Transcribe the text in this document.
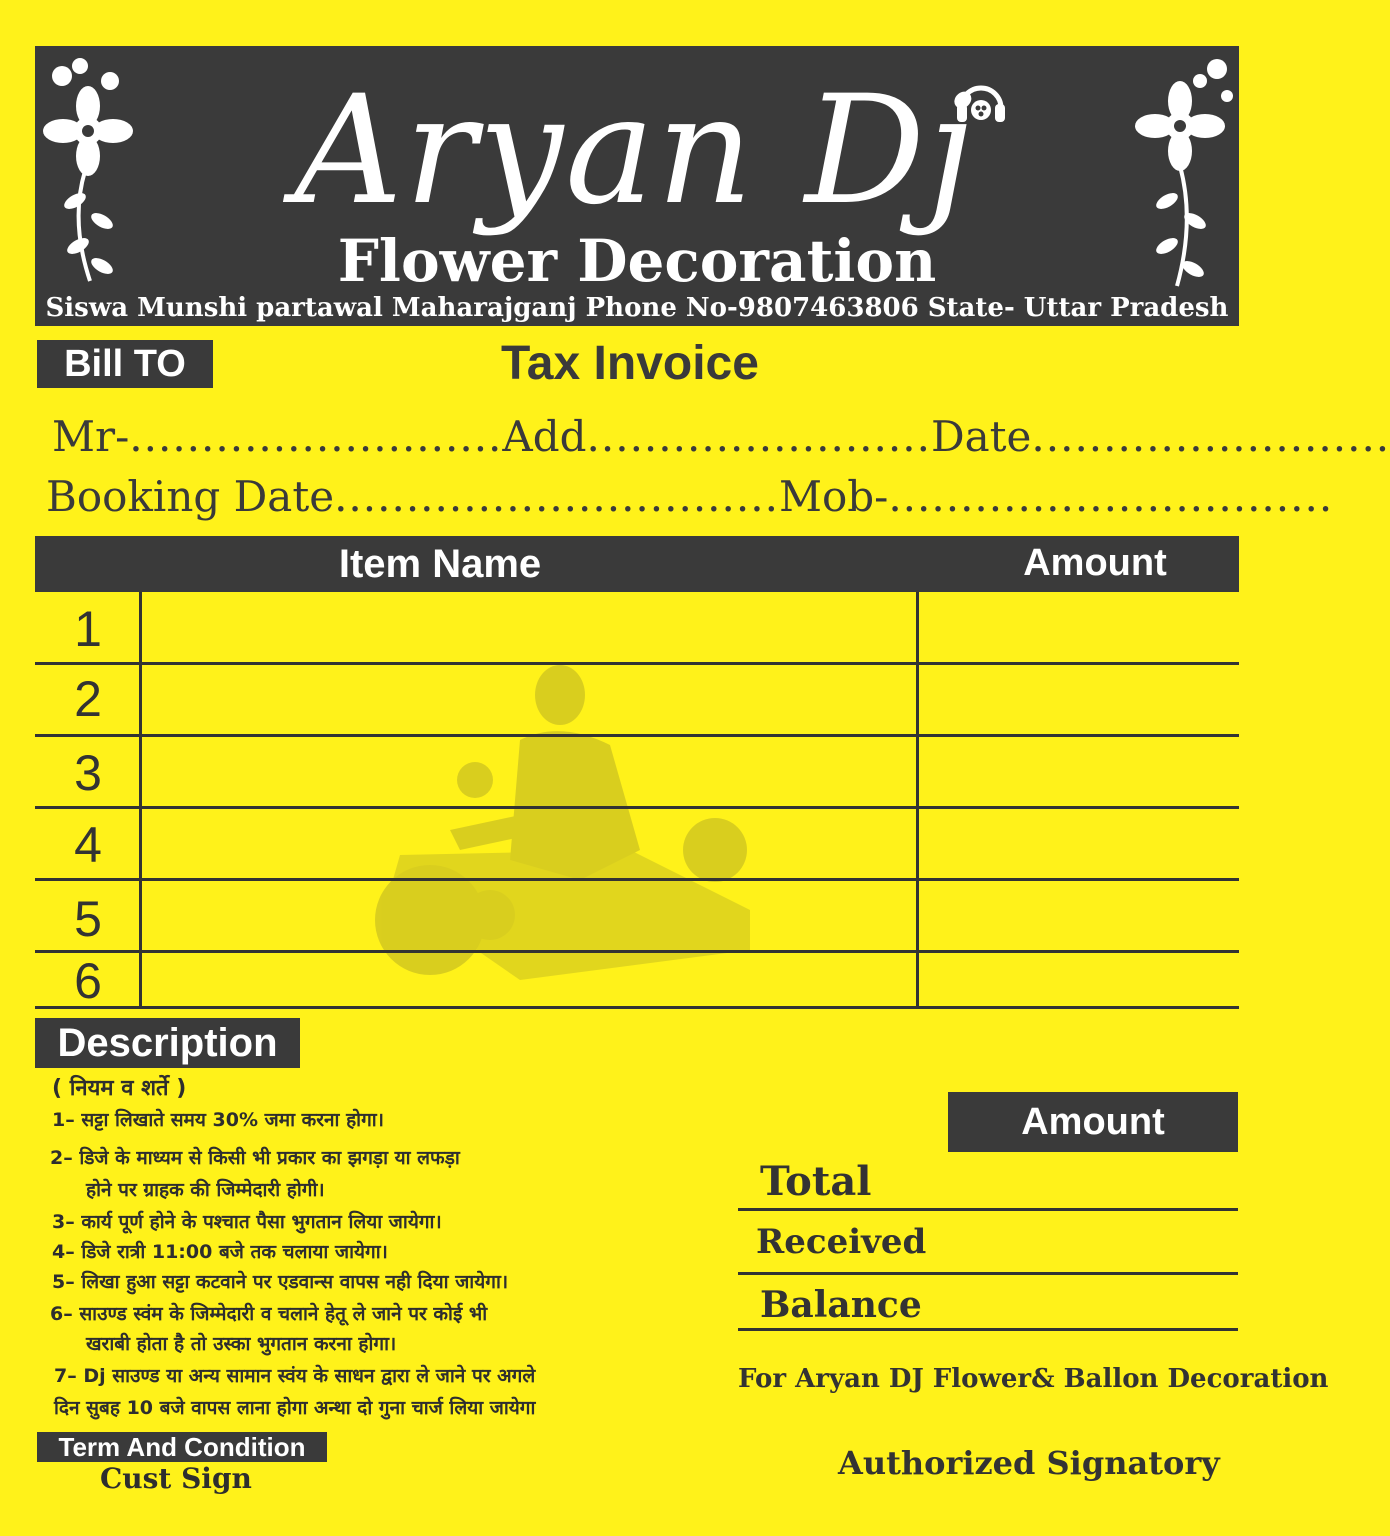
Aryan Dj
Flower Decoration
Siswa Munshi partawal Maharajganj Phone No-9807463806 State- Uttar Pradesh
Bill TO	Tax Invoice
Mr-..........................Add........................Date.........................
Booking Date...............................Mob-...............................
Item Name	Amount
1
2
3
4
5
6
Description
( नियम व शर्ते )
1– सट्टा लिखाते समय 30% जमा करना होगा।
2– डिजे के माध्यम से किसी भी प्रकार का झगड़ा या लफड़ा
होने पर ग्राहक की जिम्मेदारी होगी।
3– कार्य पूर्ण होने के पश्चात पैसा भुगतान लिया जायेगा।
4– डिजे रात्री 11:00 बजे तक चलाया जायेगा।
5– लिखा हुआ सट्टा कटवाने पर एडवान्स वापस नही दिया जायेगा।
6– साउण्ड स्वंम के जिम्मेदारी व चलाने हेतू ले जाने पर कोई भी
खराबी होता है तो उस्का भुगतान करना होगा।
7– Dj साउण्ड या अन्य सामान स्वंय के साधन द्वारा ले जाने पर अगले
दिन सुबह 10 बजे वापस लाना होगा अन्था दो गुना चार्ज लिया जायेगा
Term And Condition
Cust Sign
Amount
Total
Received
Balance
For Aryan DJ Flower& Ballon Decoration
Authorized Signatory
